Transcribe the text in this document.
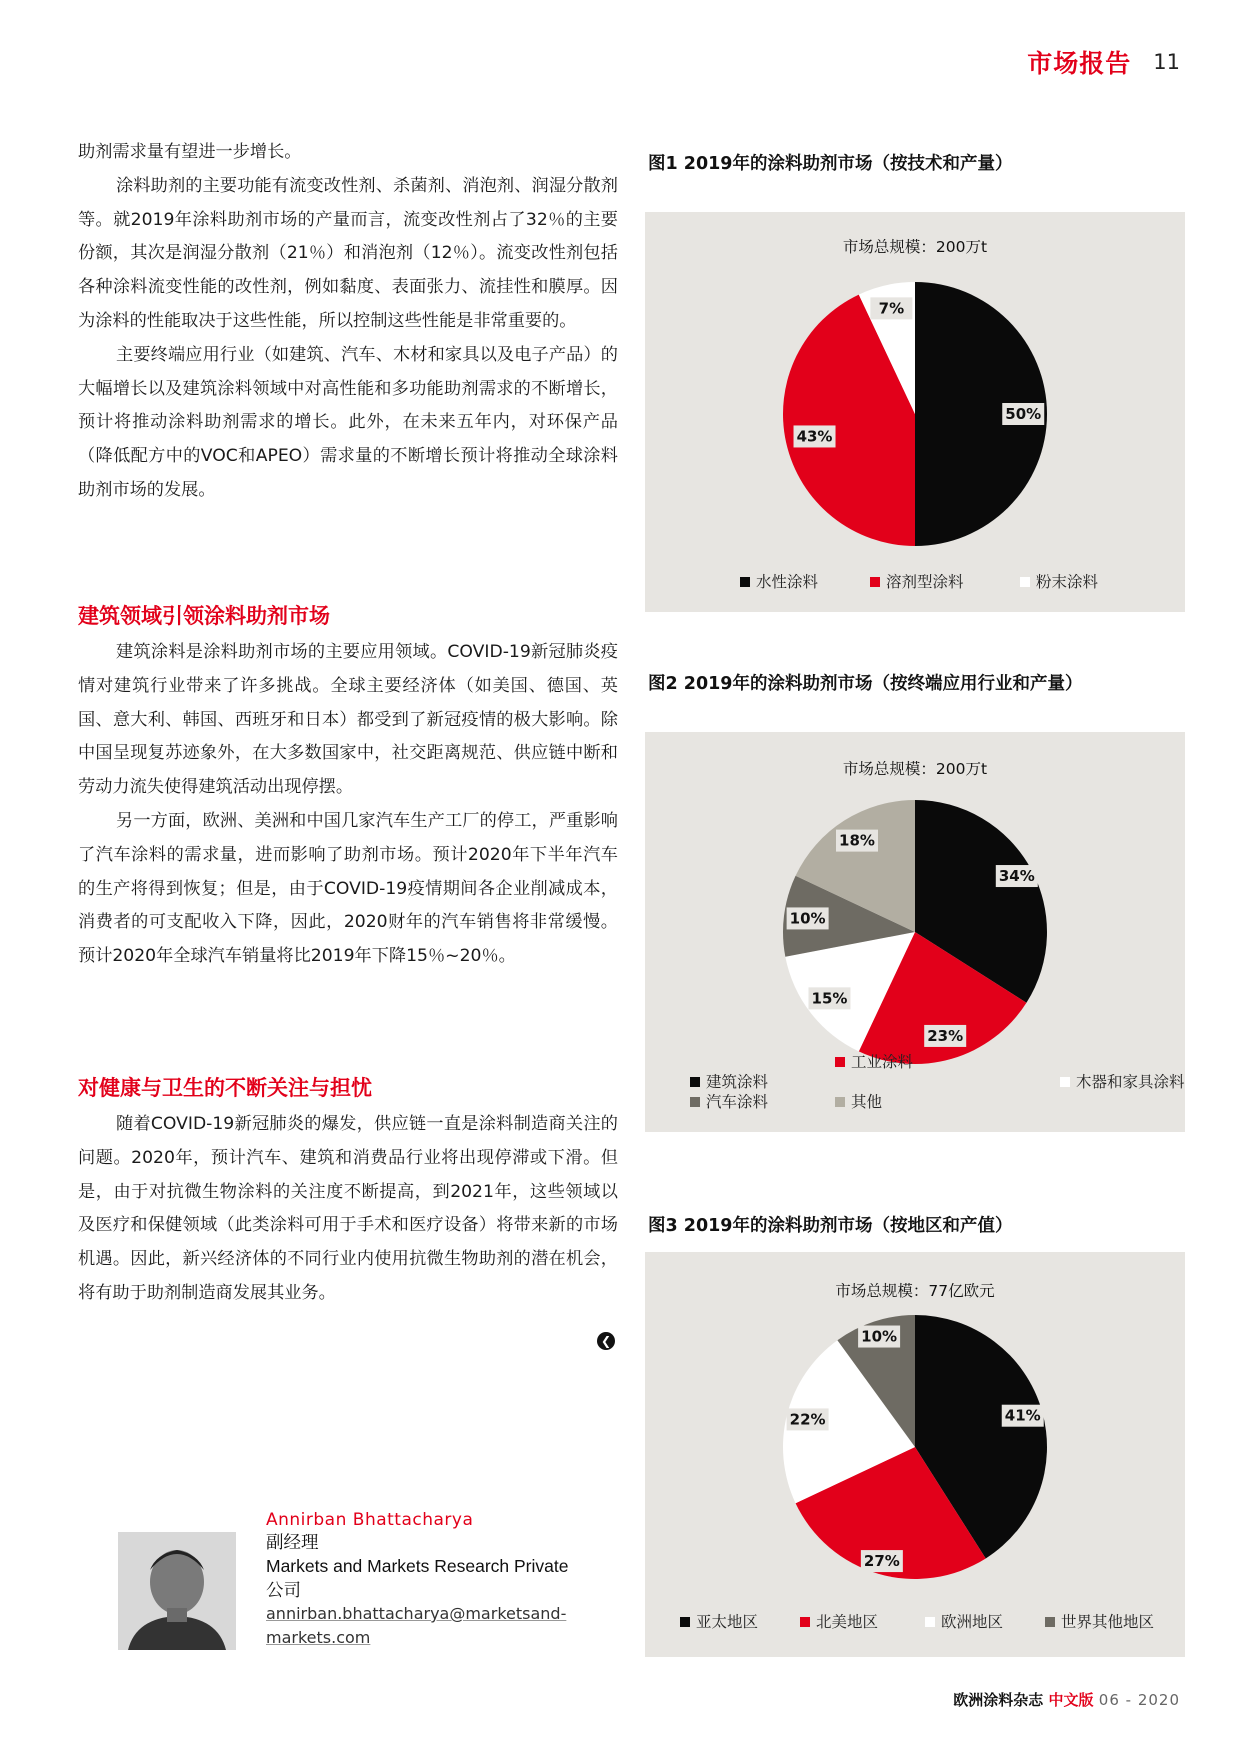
市场报告 11

助剂需求量有望进一步增长。

涂料助剂的主要功能有流变改性剂、杀菌剂、消泡剂、润湿分散剂等。就2019年涂料助剂市场的产量而言，流变改性剂占了32％的主要份额，其次是润湿分散剂（21％）和消泡剂（12％）。流变改性剂包括各种涂料流变性能的改性剂，例如黏度、表面张力、流挂性和膜厚。因为涂料的性能取决于这些性能，所以控制这些性能是非常重要的。

主要终端应用行业（如建筑、汽车、木材和家具以及电子产品）的大幅增长以及建筑涂料领域中对高性能和多功能助剂需求的不断增长，预计将推动涂料助剂需求的增长。此外，在未来五年内，对环保产品（降低配方中的VOC和APEO）需求量的不断增长预计将推动全球涂料助剂市场的发展。

建筑领域引领涂料助剂市场

建筑涂料是涂料助剂市场的主要应用领域。COVID-19新冠肺炎疫情对建筑行业带来了许多挑战。全球主要经济体（如美国、德国、英国、意大利、韩国、西班牙和日本）都受到了新冠疫情的极大影响。除中国呈现复苏迹象外，在大多数国家中，社交距离规范、供应链中断和劳动力流失使得建筑活动出现停摆。

另一方面，欧洲、美洲和中国几家汽车生产工厂的停工，严重影响了汽车涂料的需求量，进而影响了助剂市场。预计2020年下半年汽车的生产将得到恢复；但是，由于COVID-19疫情期间各企业削减成本，消费者的可支配收入下降，因此，2020财年的汽车销售将非常缓慢。预计2020年全球汽车销量将比2019年下降15％~20％。

对健康与卫生的不断关注与担忧

随着COVID-19新冠肺炎的爆发，供应链一直是涂料制造商关注的问题。2020年，预计汽车、建筑和消费品行业将出现停滞或下滑。但是，由于对抗微生物涂料的关注度不断提高，到2021年，这些领域以及医疗和保健领域（此类涂料可用于手术和医疗设备）将带来新的市场机遇。因此，新兴经济体的不同行业内使用抗微生物助剂的潜在机会，将有助于助剂制造商发展其业务。

❮

Annirban Bhattacharya

副经理

Markets and Markets Research Private

公司

annirban.bhattacharya@marketsand-

markets.com

图1 2019年的涂料助剂市场（按技术和产量）
市场总规模：200万t
50%
43%
7%
水性涂料	溶剂型涂料	粉末涂料
图2 2019年的涂料助剂市场（按终端应用行业和产量）
市场总规模：200万t
34%
23%
15%
10%
18%
建筑涂料
工业涂料
木器和家具涂料
汽车涂料	其他
图3 2019年的涂料助剂市场（按地区和产值）
市场总规模：77亿欧元
41%
27%
22%
10%
亚太地区	北美地区	欧洲地区	世界其他地区
欧洲涂料杂志 中文版 06 - 2020
